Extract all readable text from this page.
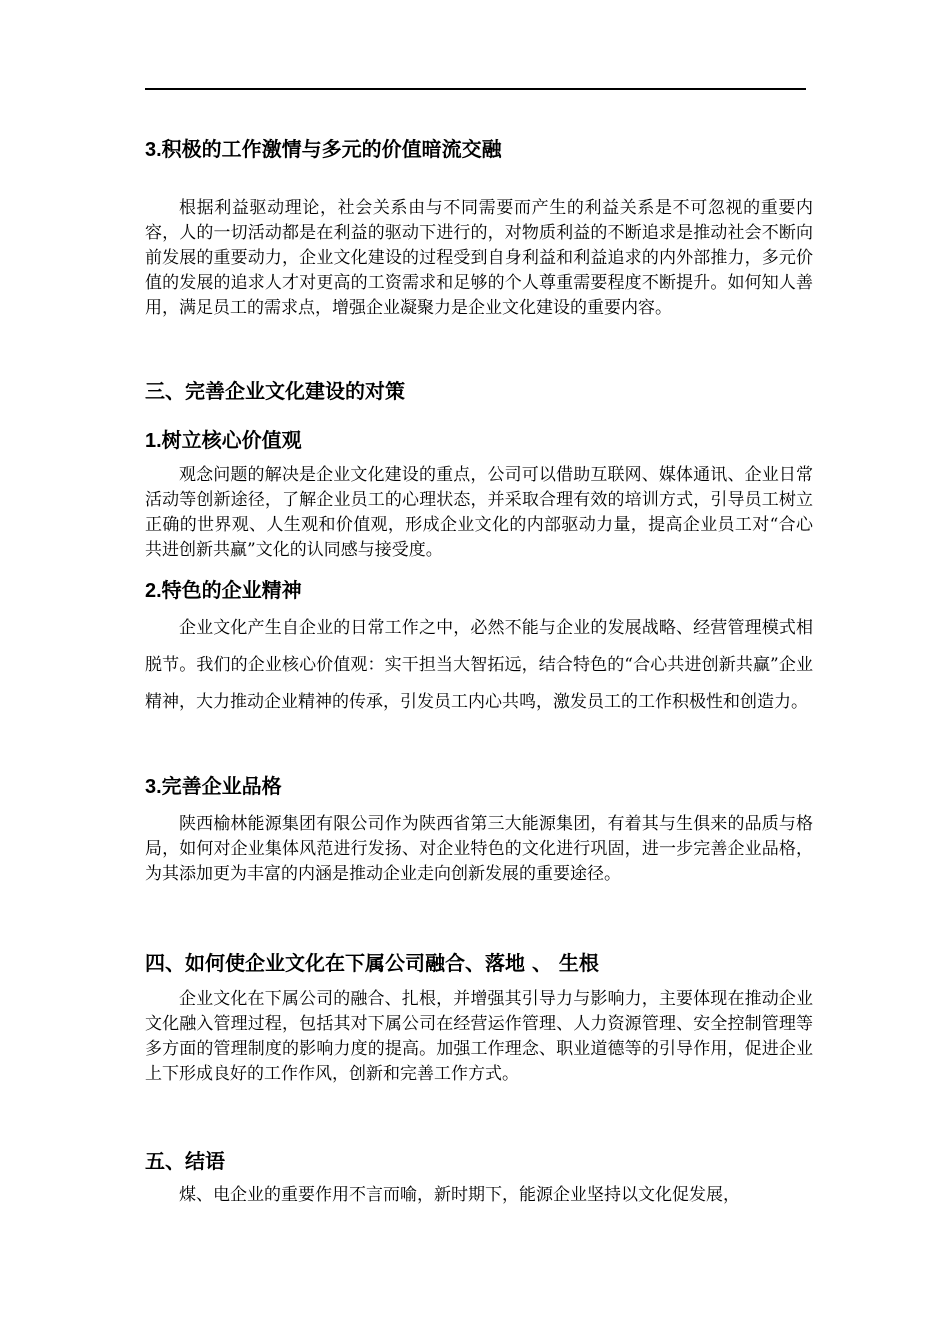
3.积极的工作激情与多元的价值暗流交融

根据利益驱动理论，社会关系由与不同需要而产生的利益关系是不可忽视的重要内容，人的一切活动都是在利益的驱动下进行的，对物质利益的不断追求是推动社会不断向前发展的重要动力，企业文化建设的过程受到自身利益和利益追求的内外部推力，多元价值的发展的追求人才对更高的工资需求和足够的个人尊重需要程度不断提升。如何知人善用，满足员工的需求点，增强企业凝聚力是企业文化建设的重要内容。

三、完善企业文化建设的对策
1.树立核心价值观

观念问题的解决是企业文化建设的重点，公司可以借助互联网、媒体通讯、企业日常活动等创新途径，了解企业员工的心理状态，并采取合理有效的培训方式，引导员工树立正确的世界观、人生观和价值观，形成企业文化的内部驱动力量，提高企业员工对“合心共进创新共赢”文化的认同感与接受度。

2.特色的企业精神

企业文化产生自企业的日常工作之中，必然不能与企业的发展战略、经营管理模式相脱节。我们的企业核心价值观：实干担当大智拓远，结合特色的“合心共进创新共赢”企业精神，大力推动企业精神的传承，引发员工内心共鸣，激发员工的工作积极性和创造力。

3.完善企业品格

陕西榆林能源集团有限公司作为陕西省第三大能源集团，有着其与生俱来的品质与格局，如何对企业集体风范进行发扬、对企业特色的文化进行巩固，进一步完善企业品格，为其添加更为丰富的内涵是推动企业走向创新发展的重要途径。

四、如何使企业文化在下属公司融合、落地 、 生根

企业文化在下属公司的融合、扎根，并增强其引导力与影响力，主要体现在推动企业文化融入管理过程，包括其对下属公司在经营运作管理、人力资源管理、安全控制管理等多方面的管理制度的影响力度的提高。加强工作理念、职业道德等的引导作用，促进企业上下形成良好的工作作风，创新和完善工作方式。

五、结语

煤、电企业的重要作用不言而喻，新时期下，能源企业坚持以文化促发展，
